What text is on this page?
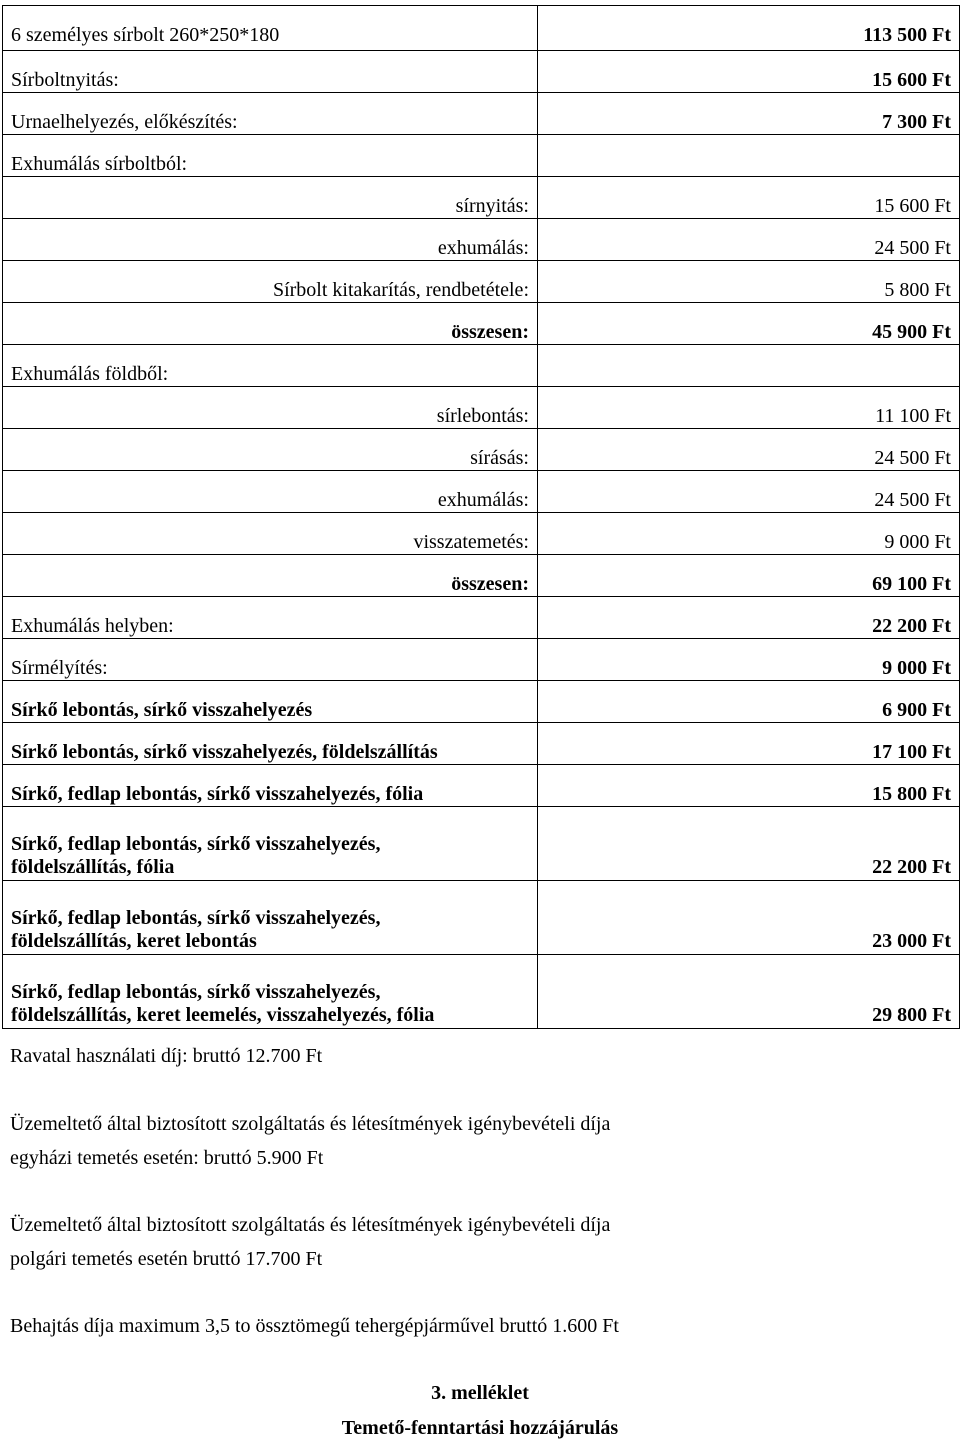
6 személyes sírbolt 260*250*180	113 500 Ft
Sírboltnyitás:	15 600 Ft
Urnaelhelyezés, előkészítés:	7 300 Ft
Exhumálás sírboltból:	
sírnyitás:	15 600 Ft
exhumálás:	24 500 Ft
Sírbolt kitakarítás, rendbetétele:	5 800 Ft
összesen:	45 900 Ft
Exhumálás földből:	
sírlebontás:	11 100 Ft
sírásás:	24 500 Ft
exhumálás:	24 500 Ft
visszatemetés:	9 000 Ft
összesen:	69 100 Ft
Exhumálás helyben:	22 200 Ft
Sírmélyítés:	9 000 Ft
Sírkő lebontás, sírkő visszahelyezés	6 900 Ft
Sírkő lebontás, sírkő visszahelyezés, földelszállítás	17 100 Ft
Sírkő, fedlap lebontás, sírkő visszahelyezés, fólia	15 800 Ft
Sírkő, fedlap lebontás, sírkő visszahelyezés,
földelszállítás, fólia	22 200 Ft
Sírkő, fedlap lebontás, sírkő visszahelyezés,
földelszállítás, keret lebontás	23 000 Ft
Sírkő, fedlap lebontás, sírkő visszahelyezés,
földelszállítás, keret leemelés, visszahelyezés, fólia	29 800 Ft
Ravatal használati díj: bruttó 12.700 Ft
Üzemeltető által biztosított szolgáltatás és létesítmények igénybevételi díja
egyházi temetés esetén: bruttó 5.900 Ft
Üzemeltető által biztosított szolgáltatás és létesítmények igénybevételi díja
polgári temetés esetén bruttó 17.700 Ft
Behajtás díja maximum 3,5 to össztömegű tehergépjárművel bruttó 1.600 Ft
3. melléklet
Temető-fenntartási hozzájárulás
